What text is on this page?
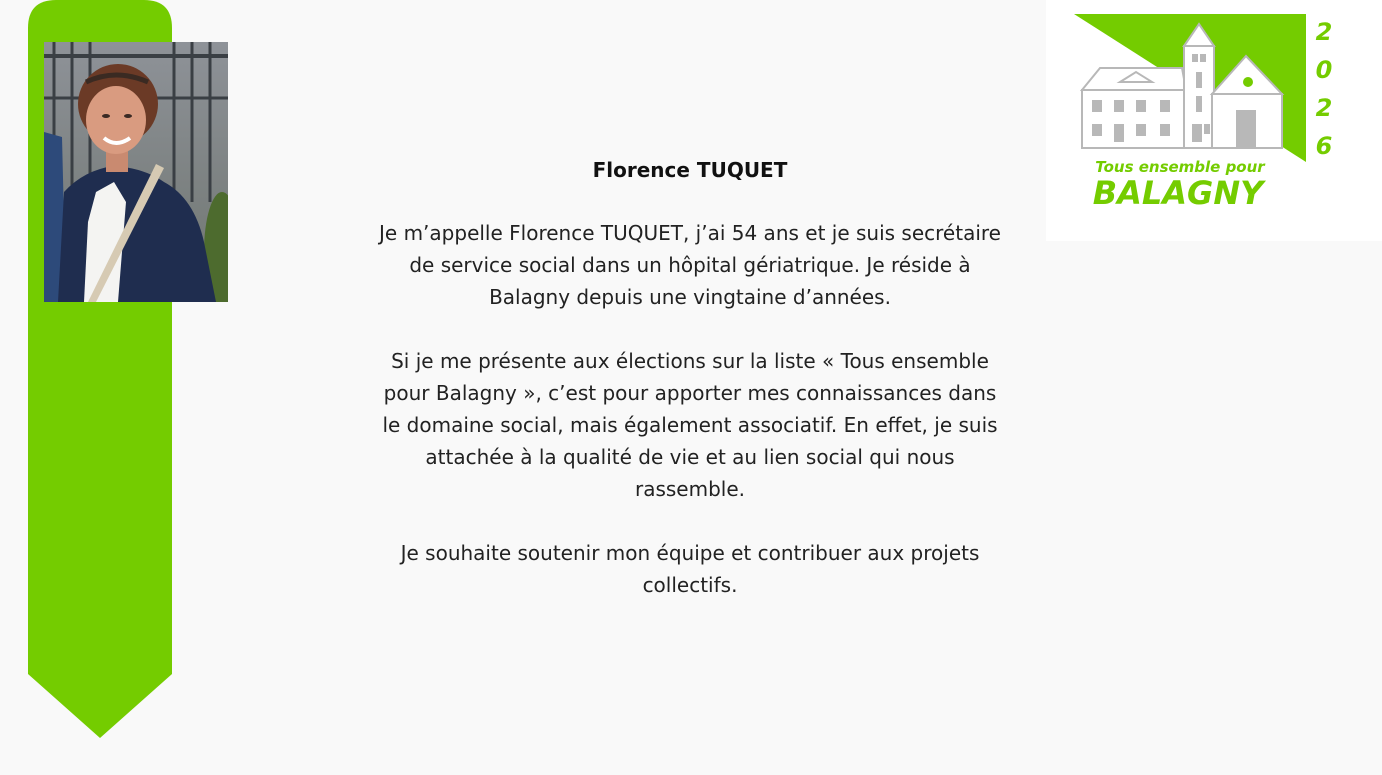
2
0
2
6
Tous ensemble pour
BALAGNY
Florence TUQUET
Je m’appelle Florence TUQUET, j’ai 54 ans et je suis secrétaire
de service social dans un hôpital gériatrique. Je réside à
Balagny depuis une vingtaine d’années.
Si je me présente aux élections sur la liste « Tous ensemble
pour Balagny », c’est pour apporter mes connaissances dans
le domaine social, mais également associatif. En effet, je suis
attachée à la qualité de vie et au lien social qui nous
rassemble.
Je souhaite soutenir mon équipe et contribuer aux projets
collectifs.
